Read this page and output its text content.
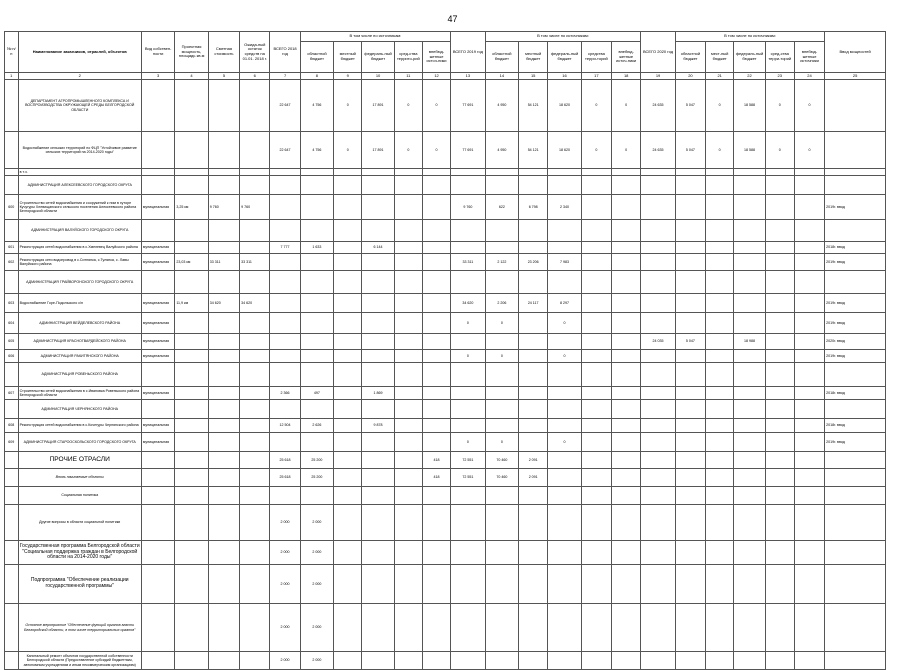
47
№ п/п	Наименование заказчиков, отраслей, объектов	Вид собствен-ности	Проектная мощность, площадь кв.м	Сметная стоимость	Ожида-ный остаток средств на 01.01. 2018 г.	ВСЕГО 2018 год	В том числе по источникам:					ВСЕГО 2019 год	В том числе по источникам:					ВСЕГО 2020 год	В том числе по источникам:					Ввод мощностей
							областной бюджет	местный бюджет	федераль-ный бюджет	сред-ства террито-рий	внебюд-жетные источ-ники		областной бюджет	местный бюджет	федераль-ный бюджет	средства терри-торий	внебюд-жетные источ-ники		областной бюджет	мест-ный бюджет	федераль-ный бюджет	сред-ства терри-торий	внебюд-жетные источники	
1	2	3	4	5	6	7	8	9	10	11	12	13	14	15	16	17	18	19	20	21	22	23	24	25
	ДЕПАРТАМЕНТ АГРОПРОМЫШЛЕННОГО КОМПЛЕКСА И ВОСПРОИЗВОДСТВА ОКРУЖАЮЩЕЙ СРЕДЫ БЕЛГОРОДСКОЙ ОБЛАСТИ					22 647	4 756	0	17 891	0	0	77 691	4 950	54 121	18 620	0	0	24 635	5 047	0	18 588	0	0	
	Водоснабжение сельских территорий по ФЦП "Устойчивое развитие сельских территорий на 2014-2020 годы"					22 647	4 756	0	17 891	0	0	77 691	4 950	54 121	18 620	0	0	24 635	5 047	0	18 588	0	0	
	в т.ч.																							
	АДМИНИСТРАЦИЯ АЛЕКСЕЕВСКОГО ГОРОДСКОГО ОКРУГА																							
600	Строительство сетей водоснабжения и сооружений к ним в хуторе Кучугуры Хлевищанского сельского поселения Алексеевского района Белгородской области	муниципальная	3,25 км	9 760	9 760							9 760	622	6 798	2 340									2019г. ввод
	АДМИНИСТРАЦИЯ ВАЛУЙСКОГО ГОРОДСКОГО ОКРУГА																							
601	Реконструкция сетей водоснабжения в с.Хмелевец Валуйского района	муниципальная				7 777	1 633		6 144															2018г. ввод
602	Реконструкция сети водопровод в с.Ситнянка, с.Тулянка, с. Лавы Валуйского района	муниципальная	23,03 км	33 311	33 311							33 311	2 122	23 206	7 983									2019г. ввод
	АДМИНИСТРАЦИЯ ГРАЙВОРОНСКОГО ГОРОДСКОГО ОКРУГА																							
603	Водоснабжение Горе-Подольского с/п	муниципальная	11,9 км	34 620	34 620							34 620	2 206	24 117	8 297									2019г. ввод
604	АДМИНИСТРАЦИЯ ВЕЙДЕЛЕВСКОГО РАЙОНА	муниципальная										0	0		0									2019г. ввод
605	АДМИНИСТРАЦИЯ КРАСНОГВАРДЕЙСКОГО РАЙОНА	муниципальная																24 035	5 047		18 988			2020г. ввод
606	АДМИНИСТРАЦИЯ РАКИТЯНСКОГО РАЙОНА	муниципальная										0	0		0									2019г. ввод
	АДМИНИСТРАЦИЯ РОВЕНЬСКОГО РАЙОНА																							
607	Строительство сетей водоснабжения в с.Ивановка Ровеньского района Белгородской области	муниципальная				2 366	497		1 869															2018г. ввод
	АДМИНИСТРАЦИЯ ЧЕРНЯНСКОГО РАЙОНА																							
608	Реконструкция сетей водоснабжения в с.Кочегуры Чернянского района	муниципальная				12 504	2 626		9 878															2018г. ввод
609	АДМИНИСТРАЦИЯ СТАРООСКОЛЬСКОГО ГОРОДСКОГО ОКРУГА	муниципальная										0	0		0									2019г. ввод
	ПРОЧИЕ ОТРАСЛИ					25 618	25 200				418	72 551	70 460	2 091										
	Вновь начинаемые объекты					25 618	25 200				418	72 551	70 460	2 091										
	Социальная политика																							
	Другие вопросы в области социальной политики					2 000	2 000																	
	Государственная программа Белгородской области "Социальная поддержка граждан в Белгородской области на 2014-2020 годы"					2 000	2 000																	
	Подпрограмма "Обеспечение реализации государственной программы"					2 000	2 000																	
	Основное мероприятие "Обеспечение функций органов власти Белгородской области, в том числе территориальных органов"					2 000	2 000																	
	Капитальный ремонт объектов государственной собственности Белгородской области (Предоставление субсидий бюджетным, автономным учреждениям и иным некоммерческим организациям)					2 000	2 000																	
